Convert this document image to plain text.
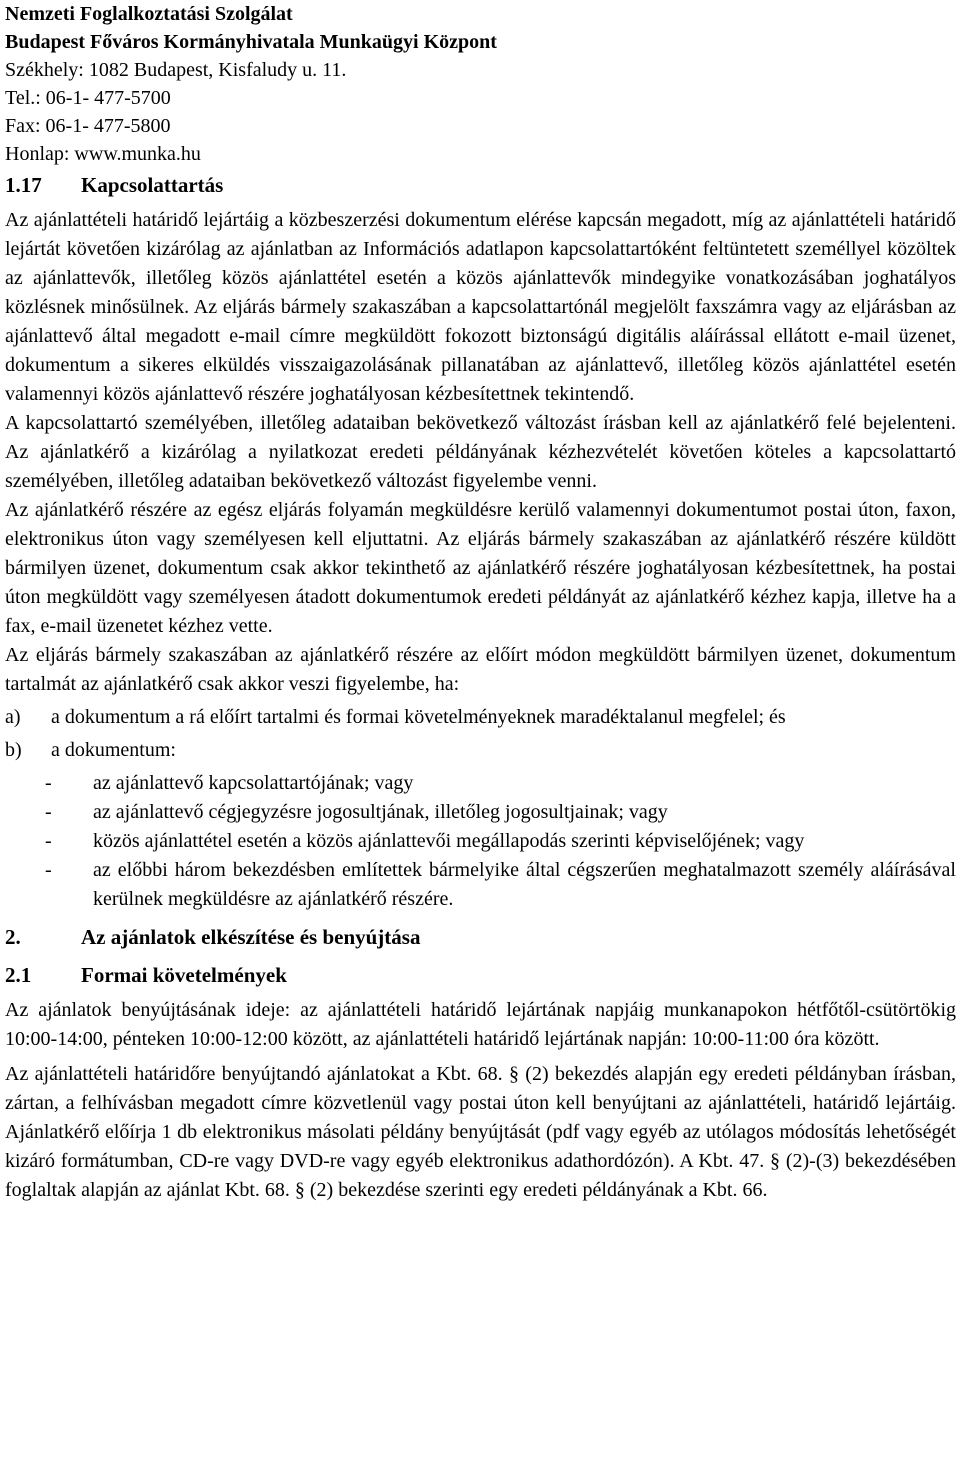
Nemzeti Foglalkoztatási Szolgálat
Budapest Főváros Kormányhivatala Munkaügyi Központ
Székhely: 1082 Budapest, Kisfaludy u. 11.
Tel.: 06-1- 477-5700
Fax: 06-1- 477-5800
Honlap: www.munka.hu
1.17	Kapcsolattartás

Az ajánlattételi határidő lejártáig a közbeszerzési dokumentum elérése kapcsán megadott, míg az ajánlattételi határidő lejártát követően kizárólag az ajánlatban az Információs adatlapon kapcsolattartóként feltüntetett személlyel közöltek az ajánlattevők, illetőleg közös ajánlattétel esetén a közös ajánlattevők mindegyike vonatkozásában joghatályos közlésnek minősülnek. Az eljárás bármely szakaszában a kapcsolattartónál megjelölt faxszámra vagy az eljárásban az ajánlattevő által megadott e-mail címre megküldött fokozott biztonságú digitális aláírással ellátott e-mail üzenet, dokumentum a sikeres elküldés visszaigazolásának pillanatában az ajánlattevő, illetőleg közös ajánlattétel esetén valamennyi közös ajánlattevő részére joghatályosan kézbesítettnek tekintendő.

A kapcsolattartó személyében, illetőleg adataiban bekövetkező változást írásban kell az ajánlatkérő felé bejelenteni. Az ajánlatkérő a kizárólag a nyilatkozat eredeti példányának kézhezvételét követően köteles a kapcsolattartó személyében, illetőleg adataiban bekövetkező változást figyelembe venni.

Az ajánlatkérő részére az egész eljárás folyamán megküldésre kerülő valamennyi dokumentumot postai úton, faxon, elektronikus úton vagy személyesen kell eljuttatni. Az eljárás bármely szakaszában az ajánlatkérő részére küldött bármilyen üzenet, dokumentum csak akkor tekinthető az ajánlatkérő részére joghatályosan kézbesítettnek, ha postai úton megküldött vagy személyesen átadott dokumentumok eredeti példányát az ajánlatkérő kézhez kapja, illetve ha a fax, e-mail üzenetet kézhez vette.

Az eljárás bármely szakaszában az ajánlatkérő részére az előírt módon megküldött bármilyen üzenet, dokumentum tartalmát az ajánlatkérő csak akkor veszi figyelembe, ha:

a)	a dokumentum a rá előírt tartalmi és formai követelményeknek maradéktalanul megfelel; és
b)	a dokumentum:
-	az ajánlattevő kapcsolattartójának; vagy
-	az ajánlattevő cégjegyzésre jogosultjának, illetőleg jogosultjainak; vagy
-	közös ajánlattétel esetén a közös ajánlattevői megállapodás szerinti képviselőjének; vagy
-	az előbbi három bekezdésben említettek bármelyike által cégszerűen meghatalmazott személy aláírásával kerülnek megküldésre az ajánlatkérő részére.
2.	Az ajánlatok elkészítése és benyújtása
2.1	Formai követelmények

Az ajánlatok benyújtásának ideje: az ajánlattételi határidő lejártának napjáig munkanapokon hétfőtől-csütörtökig 10:00-14:00, pénteken 10:00-12:00 között, az ajánlattételi határidő lejártának napján: 10:00-11:00 óra között.

Az ajánlattételi határidőre benyújtandó ajánlatokat a Kbt. 68. § (2) bekezdés alapján egy eredeti példányban írásban, zártan, a felhívásban megadott címre közvetlenül vagy postai úton kell benyújtani az ajánlattételi, határidő lejártáig. Ajánlatkérő előírja 1 db elektronikus másolati példány benyújtását (pdf vagy egyéb az utólagos módosítás lehetőségét kizáró formátumban, CD-re vagy DVD-re vagy egyéb elektronikus adathordózón). A Kbt. 47. § (2)-(3) bekezdésében foglaltak alapján az ajánlat Kbt. 68. § (2) bekezdése szerinti egy eredeti példányának a Kbt. 66.
